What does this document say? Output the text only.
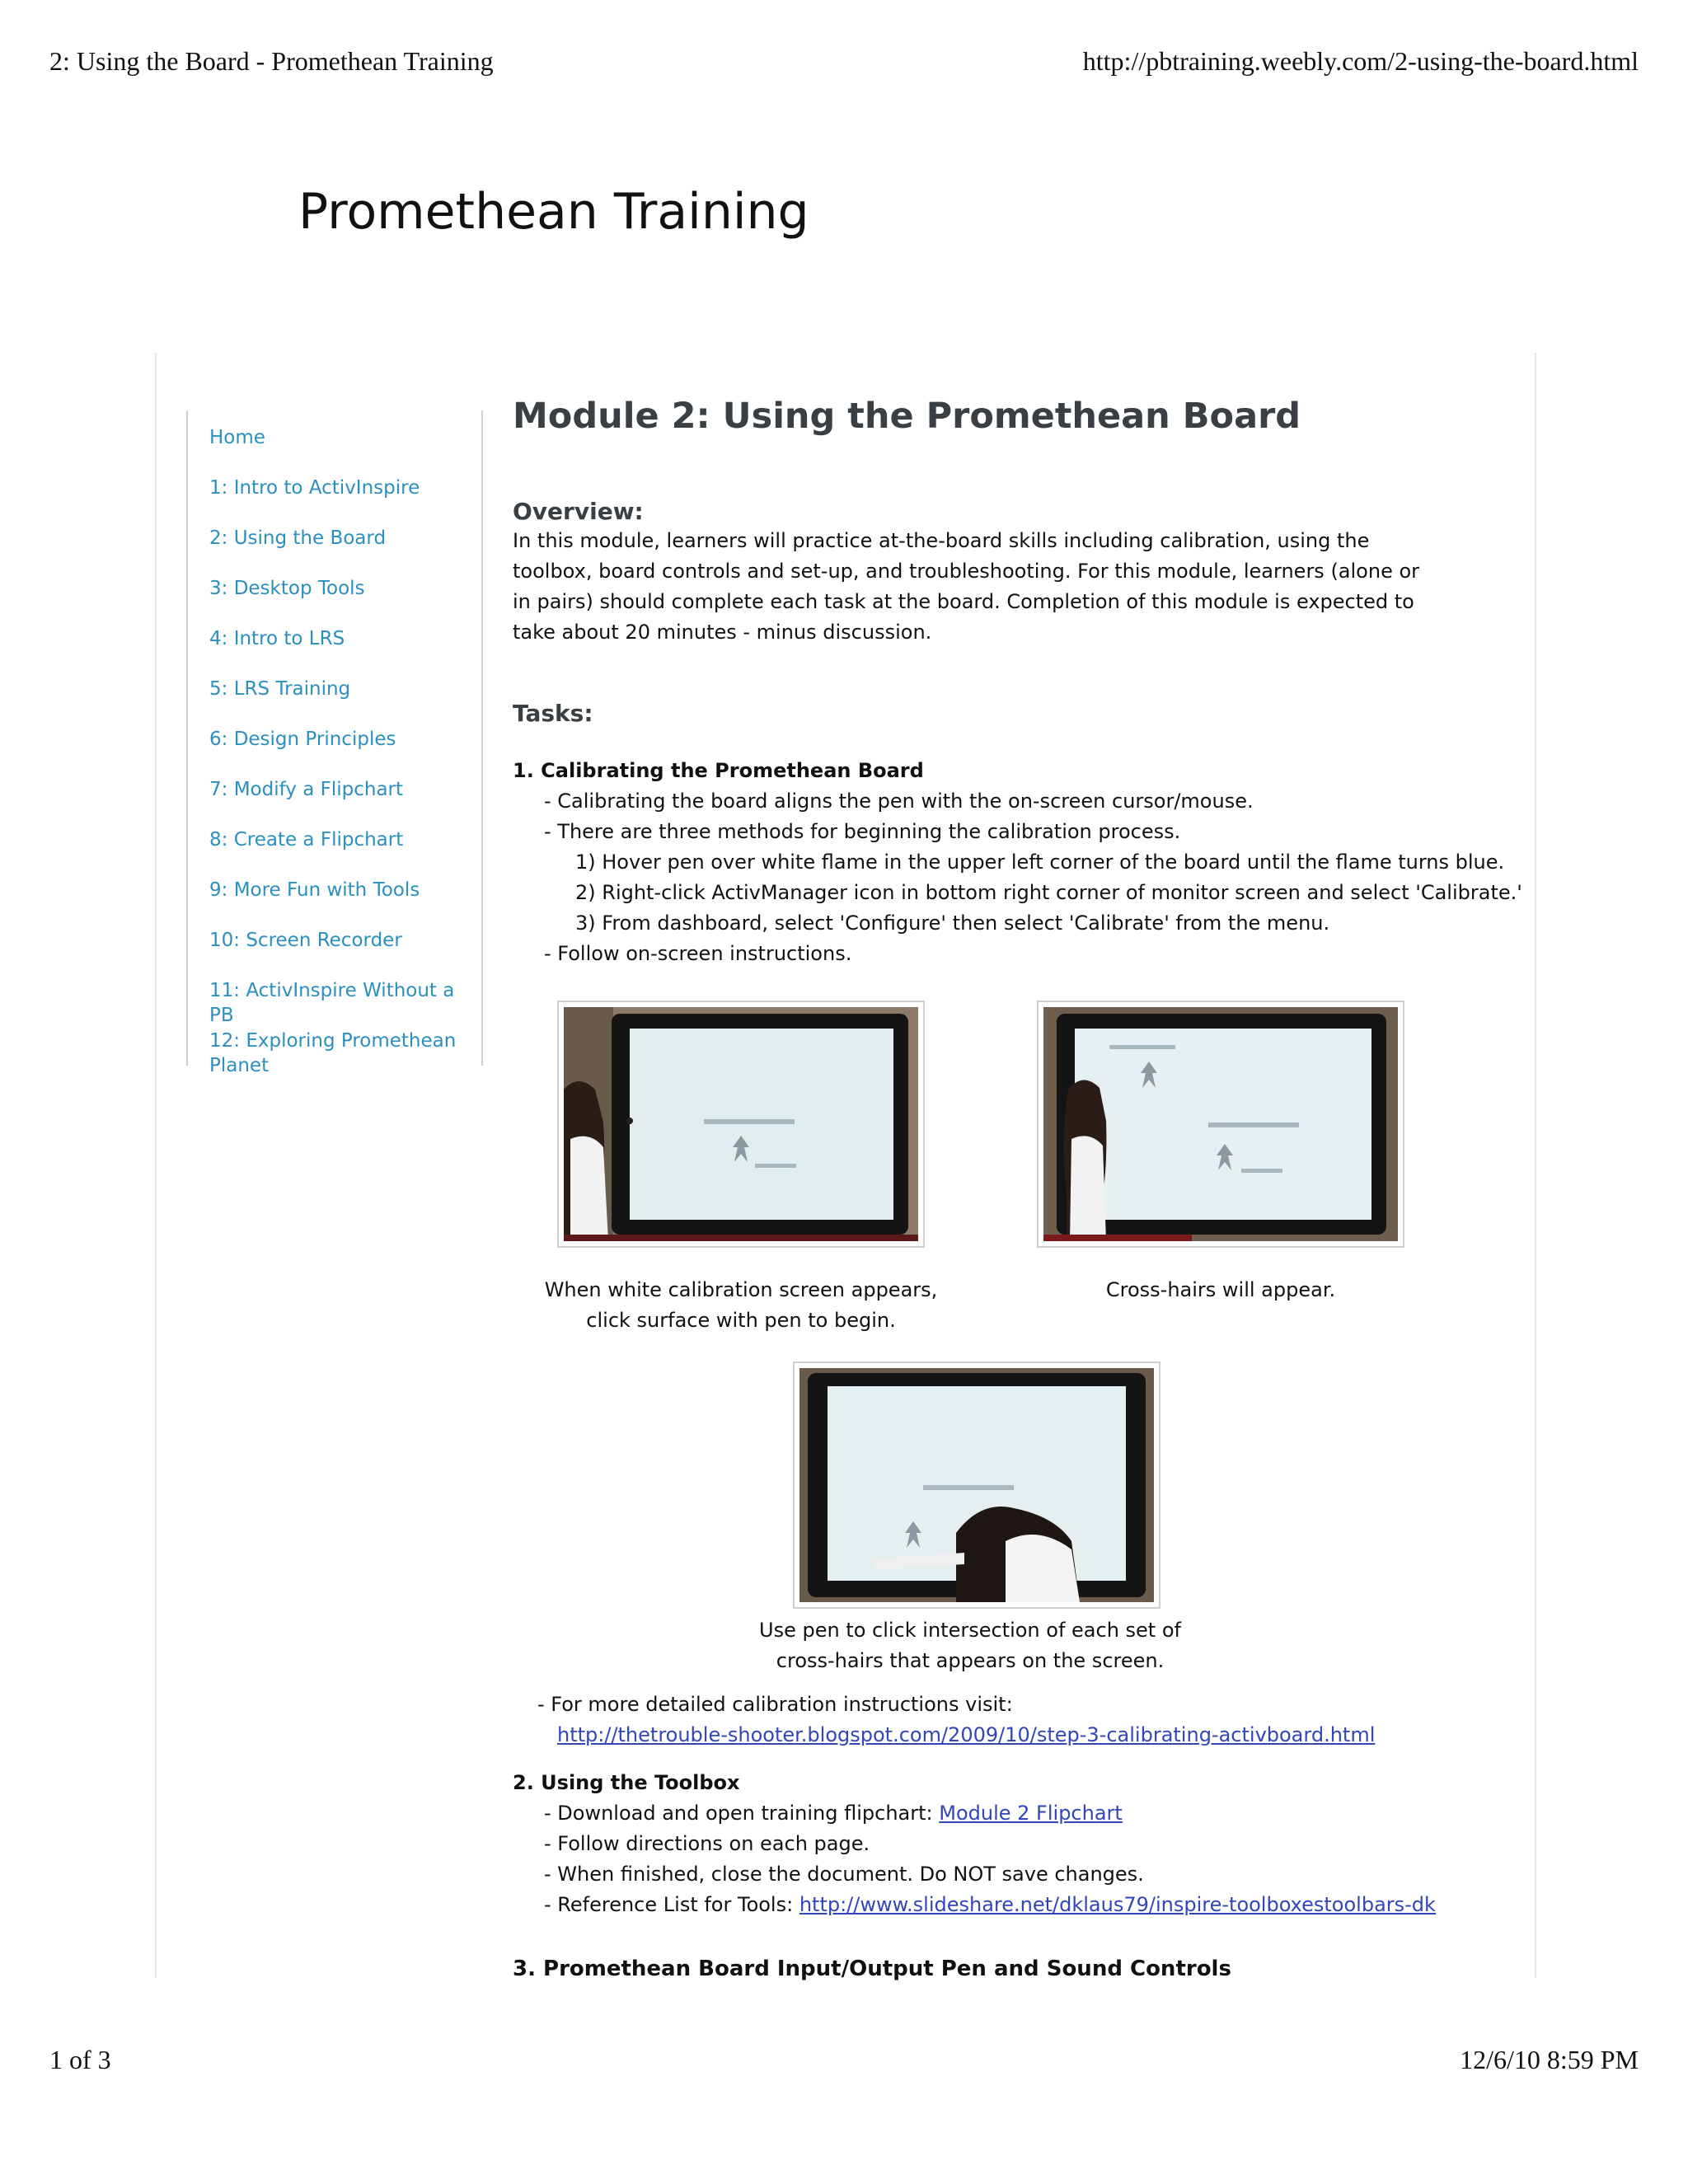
2: Using the Board - Promethean Training	http://pbtraining.weebly.com/2-using-the-board.html
Promethean Training
Home
1: Intro to ActivInspire
2: Using the Board
3: Desktop Tools
4: Intro to LRS
5: LRS Training
6: Design Principles
7: Modify a Flipchart
8: Create a Flipchart
9: More Fun with Tools
10: Screen Recorder
11: ActivInspire Without a PB
12: Exploring Promethean Planet
Module 2: Using the Promethean Board
Overview:

In this module, learners will practice at-the-board skills including calibration, using the toolbox, board controls and set-up, and troubleshooting. For this module, learners (alone or in pairs) should complete each task at the board. Completion of this module is expected to take about 20 minutes - minus discussion.

Tasks:
1. Calibrating the Promethean Board
- Calibrating the board aligns the pen with the on-screen cursor/mouse.
- There are three methods for beginning the calibration process.
1) Hover pen over white flame in the upper left corner of the board until the flame turns blue.
2) Right-click ActivManager icon in bottom right corner of monitor screen and select 'Calibrate.'
3) From dashboard, select 'Configure' then select 'Calibrate' from the menu.
- Follow on-screen instructions.
When white calibration screen appears,
click surface with pen to begin.
Cross-hairs will appear.
Use pen to click intersection of each set of
cross-hairs that appears on the screen.
- For more detailed calibration instructions visit:
http://thetrouble-shooter.blogspot.com/2009/10/step-3-calibrating-activboard.html
2. Using the Toolbox
- Download and open training flipchart: Module 2 Flipchart
- Follow directions on each page.
- When finished, close the document. Do NOT save changes.
- Reference List for Tools: http://www.slideshare.net/dklaus79/inspire-toolboxestoolbars-dk
3. Promethean Board Input/Output Pen and Sound Controls
1 of 3	12/6/10 8:59 PM
